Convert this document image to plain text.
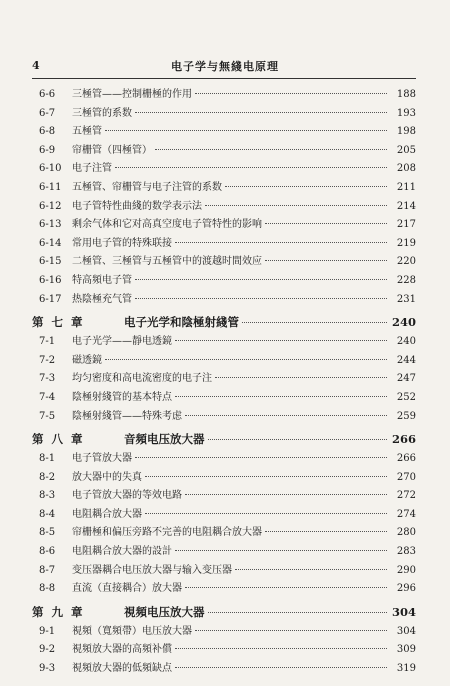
4	电子学与無綫电原理
6-6	三極管——控制栅極的作用	188
6-7	三極管的系数	193
6-8	五極管	198
6-9	帘栅管（四極管）	205
6-10	电子注管	208
6-11	五極管、帘栅管与电子注管的系数	211
6-12	电子管特性曲綫的数学表示法	214
6-13	剩余气体和它对高真空度电子管特性的影响	217
6-14	常用电子管的特殊联接	219
6-15	二極管、三極管与五極管中的渡越时間效应	220
6-16	特高頻电子管	228
6-17	热陰極充气管	231
第 七 章	电子光学和陰極射綫管	240
7-1	电子光学——靜电透鏡	240
7-2	磁透鏡	244
7-3	均匀密度和高电流密度的电子注	247
7-4	陰極射綫管的基本特点	252
7-5	陰極射綫管——特殊考虑	259
第 八 章	音頻电压放大器	266
8-1	电子管放大器	266
8-2	放大器中的失真	270
8-3	电子管放大器的等效电路	272
8-4	电阻耦合放大器	274
8-5	帘栅極和偏压旁路不完善的电阻耦合放大器	280
8-6	电阻耦合放大器的設計	283
8-7	变压器耦合电压放大器与输入变压器	290
8-8	直流（直接耦合）放大器	296
第 九 章	視頻电压放大器	304
9-1	視頻（寬頻帶）电压放大器	304
9-2	視頻放大器的高頻补償	309
9-3	視頻放大器的低頻缺点	319
